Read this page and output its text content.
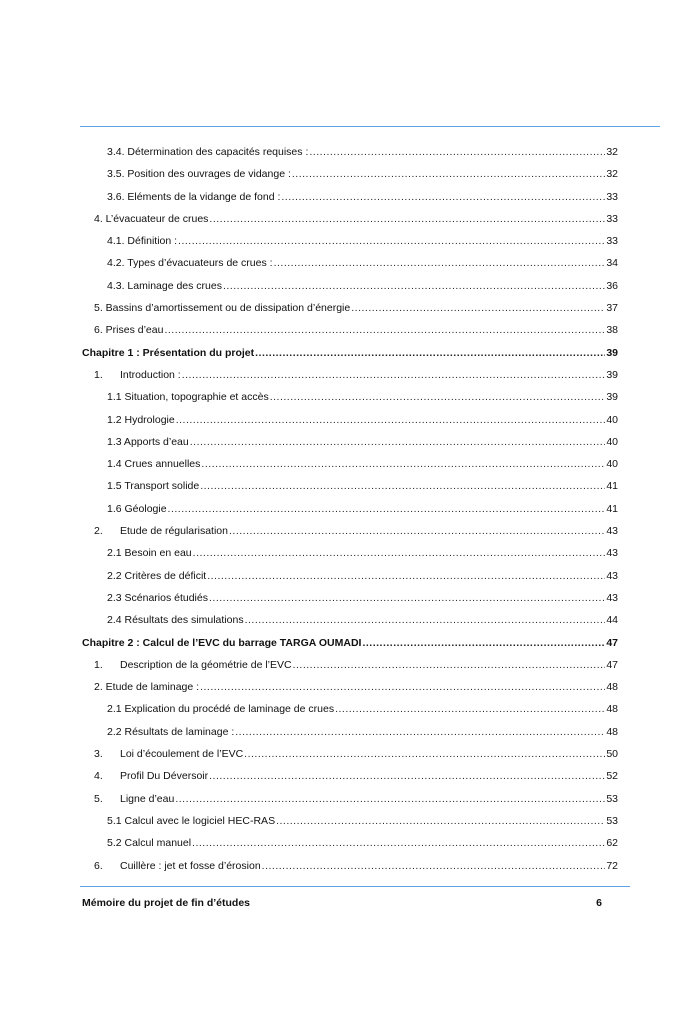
3.4. Détermination des capacités requises : .....	32
3.5. Position des ouvrages de vidange : .....	32
3.6. Eléments de la vidange de fond : .....	33
4. L’évacuateur de crues .....	33
4.1. Définition : .....	33
4.2. Types d’évacuateurs de crues : .....	34
4.3. Laminage des crues .....	36
5. Bassins d’amortissement ou de dissipation d’énergie .....	37
6. Prises d’eau .....	38
Chapitre 1 : Présentation du projet .....	39
1. Introduction : .....	39
1.1 Situation, topographie et accès .....	39
1.2 Hydrologie .....	40
1.3 Apports d’eau .....	40
1.4 Crues annuelles .....	40
1.5 Transport solide .....	41
1.6 Géologie .....	41
2. Etude de régularisation .....	43
2.1 Besoin en eau .....	43
2.2 Critères de déficit .....	43
2.3 Scénarios étudiés .....	43
2.4 Résultats des simulations .....	44
Chapitre 2 : Calcul de l’EVC du barrage TARGA OUMADI .....	47
1. Description de la géométrie de l’EVC .....	47
2. Etude de laminage : .....	48
2.1 Explication du procédé de laminage de crues .....	48
2.2 Résultats de laminage : .....	48
3. Loi d’écoulement de l’EVC .....	50
4. Profil Du Déversoir .....	52
5. Ligne d’eau .....	53
5.1 Calcul avec le logiciel HEC-RAS .....	53
5.2 Calcul manuel .....	62
6. Cuillère : jet et fosse d’érosion .....	72
Mémoire du projet de fin d’études	6
